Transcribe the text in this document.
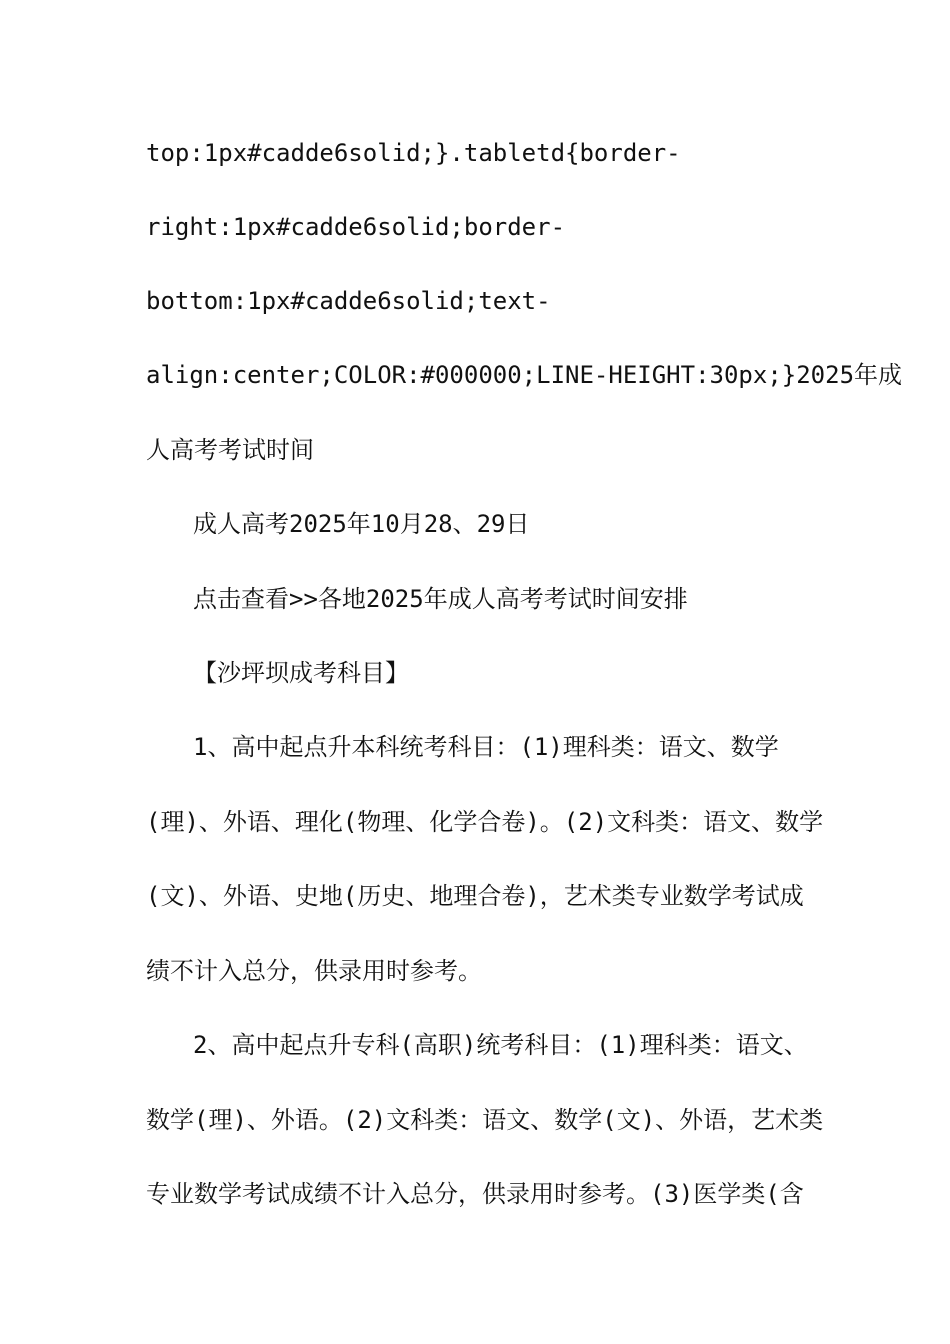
top:1px#cadde6solid;}.tabletd{border-
right:1px#cadde6solid;border-
bottom:1px#cadde6solid;text-
align:center;COLOR:#000000;LINE-HEIGHT:30px;}2025年成
人高考考试时间
成人高考2025年10月28、29日
点击查看>>各地2025年成人高考考试时间安排
【沙坪坝成考科目】
1、高中起点升本科统考科目：(1)理科类：语文、数学
(理)、外语、理化(物理、化学合卷)。(2)文科类：语文、数学
(文)、外语、史地(历史、地理合卷)，艺术类专业数学考试成
绩不计入总分，供录用时参考。
2、高中起点升专科(高职)统考科目：(1)理科类：语文、
数学(理)、外语。(2)文科类：语文、数学(文)、外语，艺术类
专业数学考试成绩不计入总分，供录用时参考。(3)医学类(含
